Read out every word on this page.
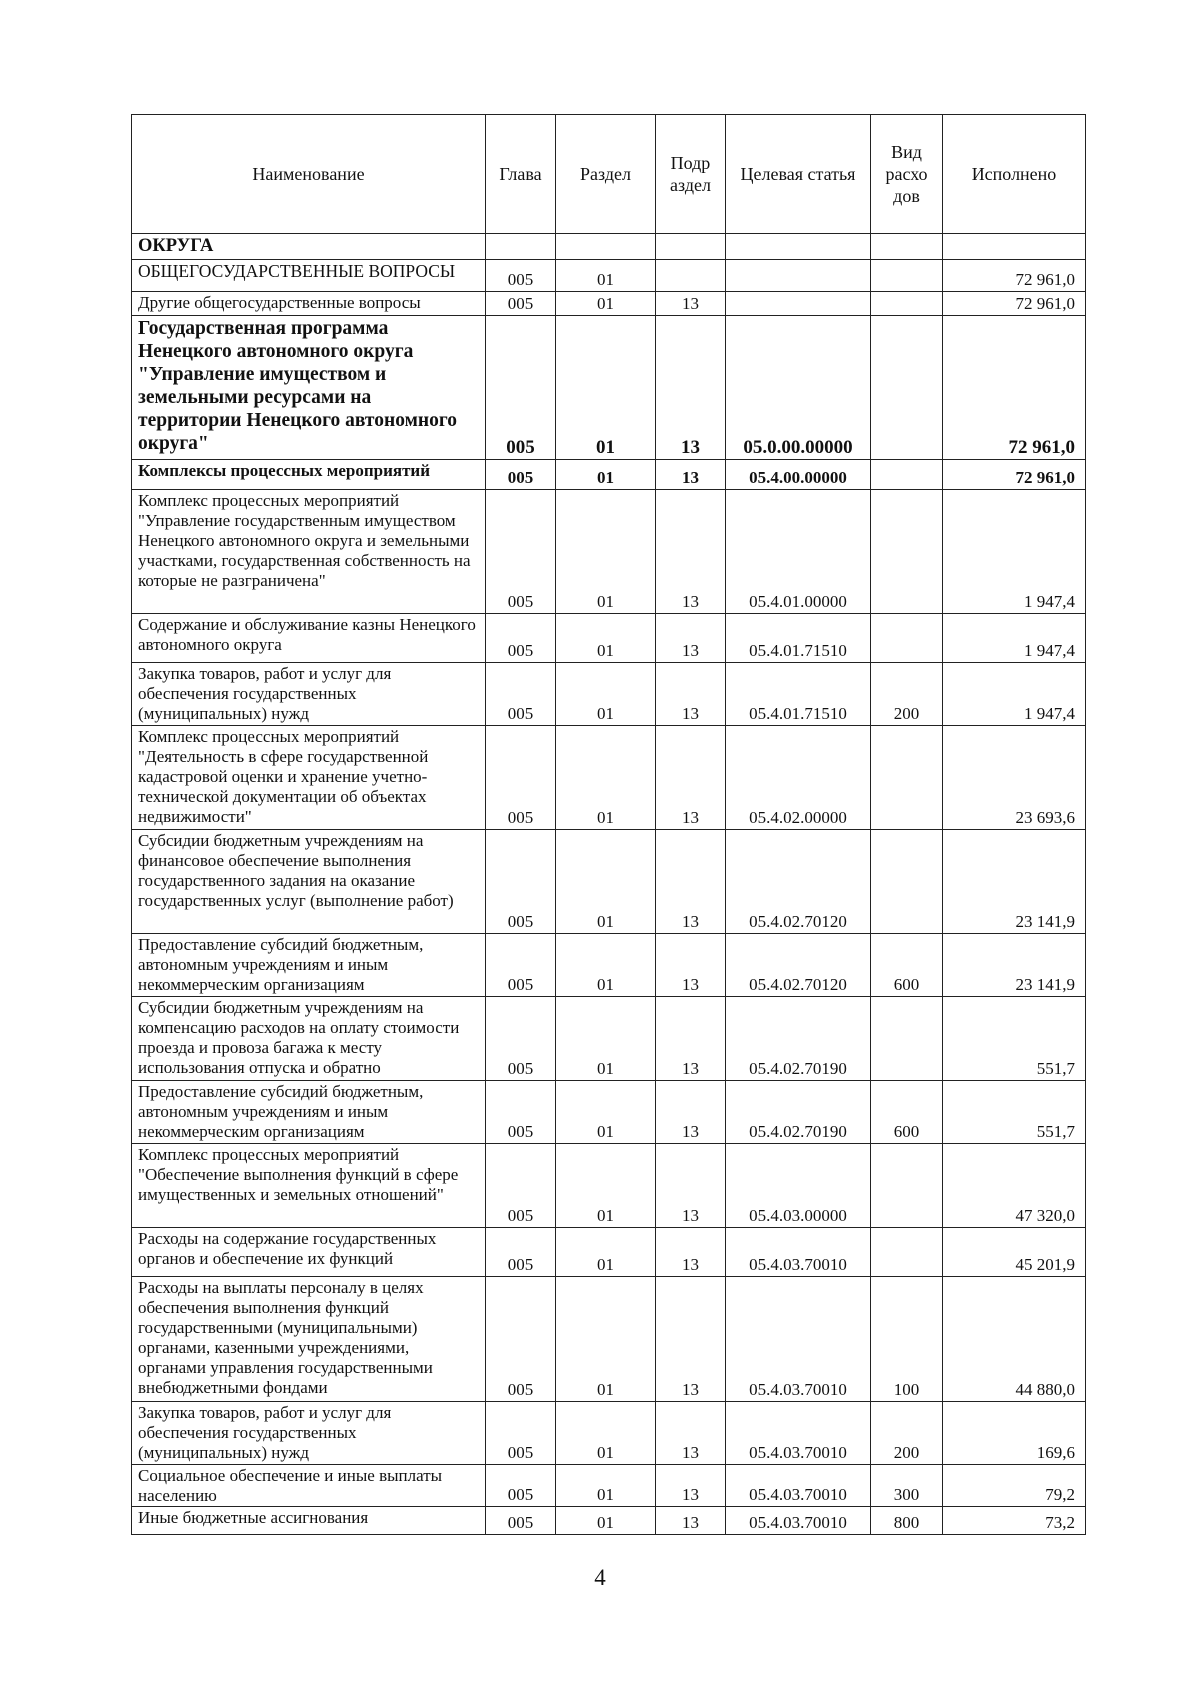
Наименование	Глава	Раздел	Подр аздел	Целевая статья	Вид расхо дов	Исполнено
ОКРУГА						
ОБЩЕГОСУДАРСТВЕННЫЕ ВОПРОСЫ	005	01				72 961,0
Другие общегосударственные вопросы	005	01	13			72 961,0
Государственная программа Ненецкого автономного округа "Управление имуществом и земельными ресурсами на территории Ненецкого автономного округа"	005	01	13	05.0.00.00000		72 961,0
Комплексы процессных мероприятий	005	01	13	05.4.00.00000		72 961,0
Комплекс процессных мероприятий "Управление государственным имуществом Ненецкого автономного округа и земельными участками, государственная собственность на которые не разграничена"	005	01	13	05.4.01.00000		1 947,4
Содержание и обслуживание казны Ненецкого автономного округа	005	01	13	05.4.01.71510		1 947,4
Закупка товаров, работ и услуг для обеспечения государственных (муниципальных) нужд	005	01	13	05.4.01.71510	200	1 947,4
Комплекс процессных мероприятий "Деятельность в сфере государственной кадастровой оценки и хранение учетно-технической документации об объектах недвижимости"	005	01	13	05.4.02.00000		23 693,6
Субсидии бюджетным учреждениям на финансовое обеспечение выполнения государственного задания на оказание государственных услуг (выполнение работ)	005	01	13	05.4.02.70120		23 141,9
Предоставление субсидий бюджетным, автономным учреждениям и иным некоммерческим организациям	005	01	13	05.4.02.70120	600	23 141,9
Субсидии бюджетным учреждениям на компенсацию расходов на оплату стоимости проезда и провоза багажа к месту использования отпуска и обратно	005	01	13	05.4.02.70190		551,7
Предоставление субсидий бюджетным, автономным учреждениям и иным некоммерческим организациям	005	01	13	05.4.02.70190	600	551,7
Комплекс процессных мероприятий "Обеспечение выполнения функций в сфере имущественных и земельных отношений"	005	01	13	05.4.03.00000		47 320,0
Расходы на содержание государственных органов и обеспечение их функций	005	01	13	05.4.03.70010		45 201,9
Расходы на выплаты персоналу в целях обеспечения выполнения функций государственными (муниципальными) органами, казенными учреждениями, органами управления государственными внебюджетными фондами	005	01	13	05.4.03.70010	100	44 880,0
Закупка товаров, работ и услуг для обеспечения государственных (муниципальных) нужд	005	01	13	05.4.03.70010	200	169,6
Социальное обеспечение и иные выплаты населению	005	01	13	05.4.03.70010	300	79,2
Иные бюджетные ассигнования	005	01	13	05.4.03.70010	800	73,2
4
